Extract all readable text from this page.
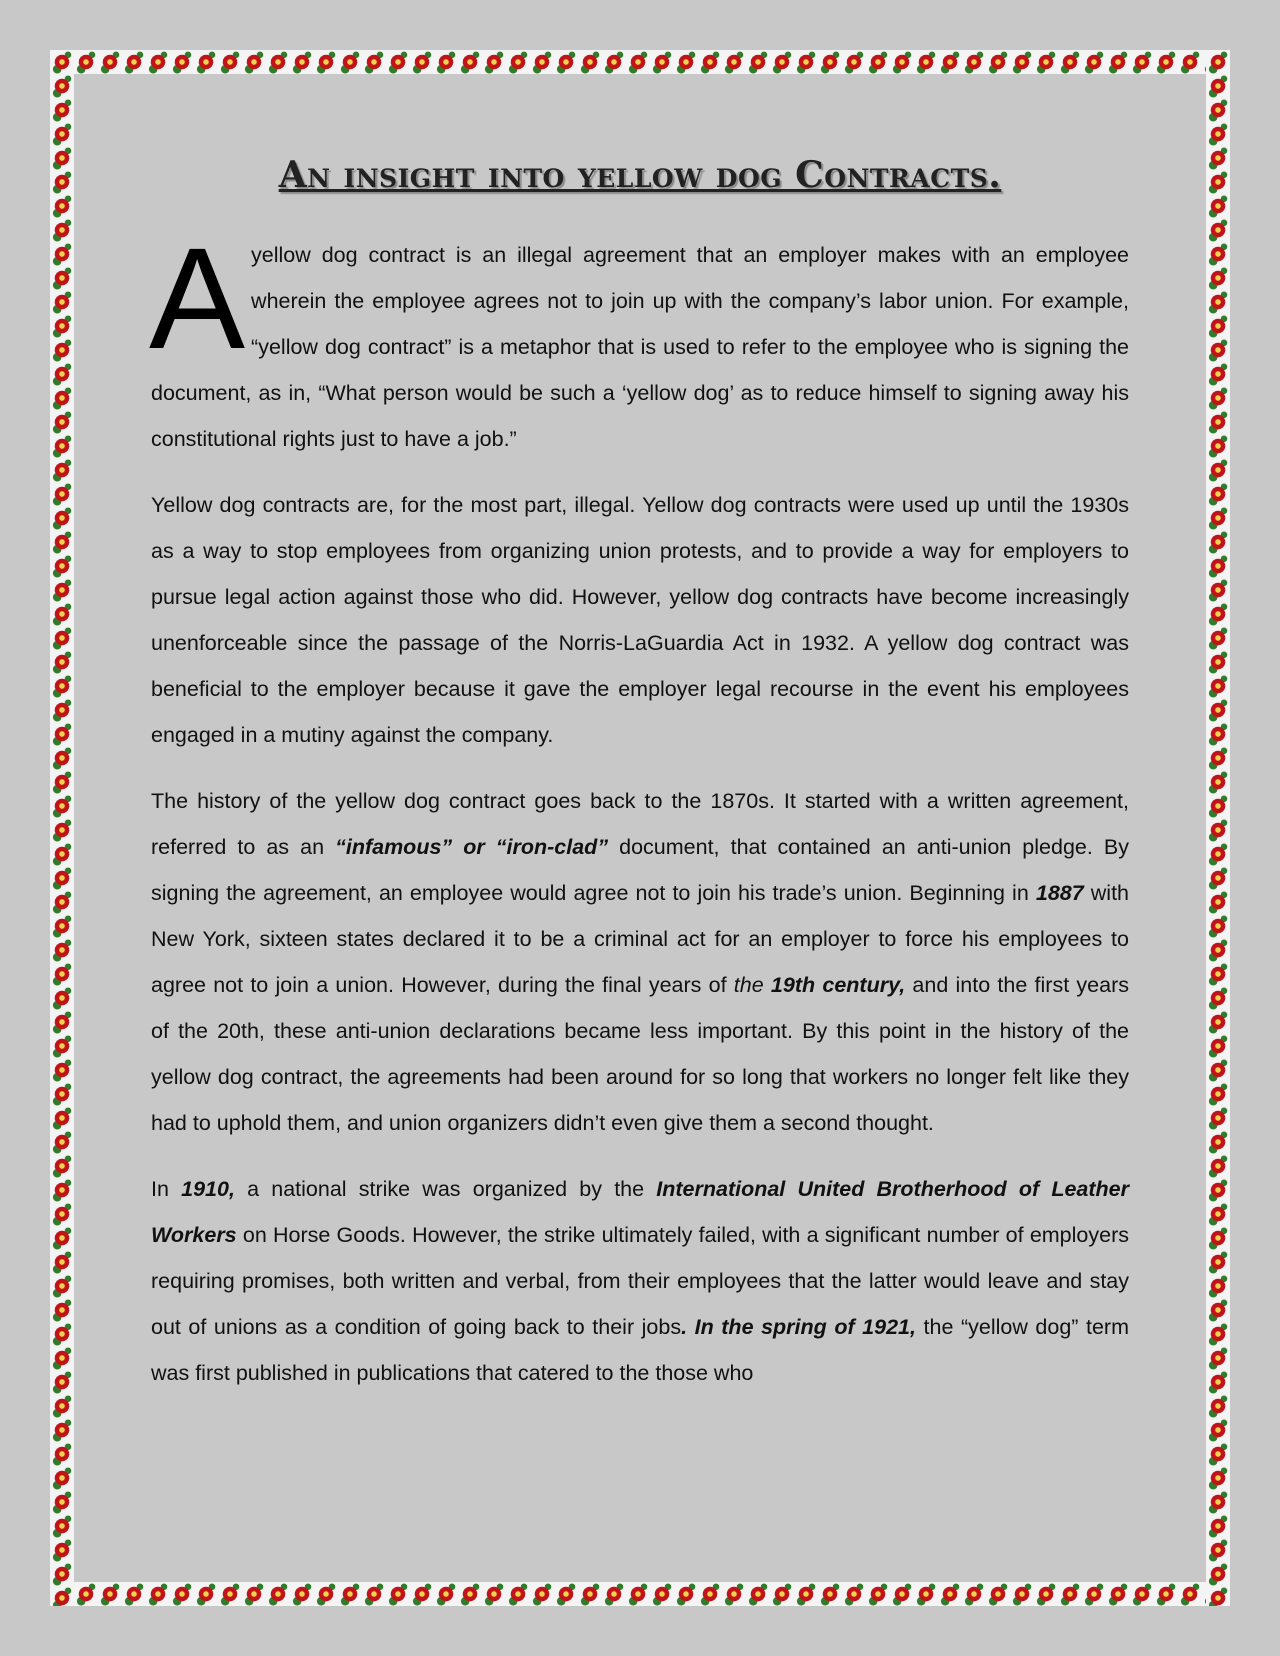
An insight into yellow dog Contracts.

A yellow dog contract is an illegal agreement that an employer makes with an employee wherein the employee agrees not to join up with the company’s labor union. For example, “yellow dog contract” is a metaphor that is used to refer to the employee who is signing the document, as in, “What person would be such a ‘yellow dog’ as to reduce himself to signing away his constitutional rights just to have a job.”

Yellow dog contracts are, for the most part, illegal. Yellow dog contracts were used up until the 1930s as a way to stop employees from organizing union protests, and to provide a way for employers to pursue legal action against those who did. However, yellow dog contracts have become increasingly unenforceable since the passage of the Norris-LaGuardia Act in 1932. A yellow dog contract was beneficial to the employer because it gave the employer legal recourse in the event his employees engaged in a mutiny against the company.

The history of the yellow dog contract goes back to the 1870s. It started with a written agreement, referred to as an “infamous” or “iron-clad” document, that contained an anti-union pledge. By signing the agreement, an employee would agree not to join his trade’s union. Beginning in 1887 with New York, sixteen states declared it to be a criminal act for an employer to force his employees to agree not to join a union. However, during the final years of the 19th century, and into the first years of the 20th, these anti-union declarations became less important. By this point in the history of the yellow dog contract, the agreements had been around for so long that workers no longer felt like they had to uphold them, and union organizers didn’t even give them a second thought.

In 1910, a national strike was organized by the International United Brotherhood of Leather Workers on Horse Goods. However, the strike ultimately failed, with a significant number of employers requiring promises, both written and verbal, from their employees that the latter would leave and stay out of unions as a condition of going back to their jobs. In the spring of 1921, the “yellow dog” term was first published in publications that catered to the those who
